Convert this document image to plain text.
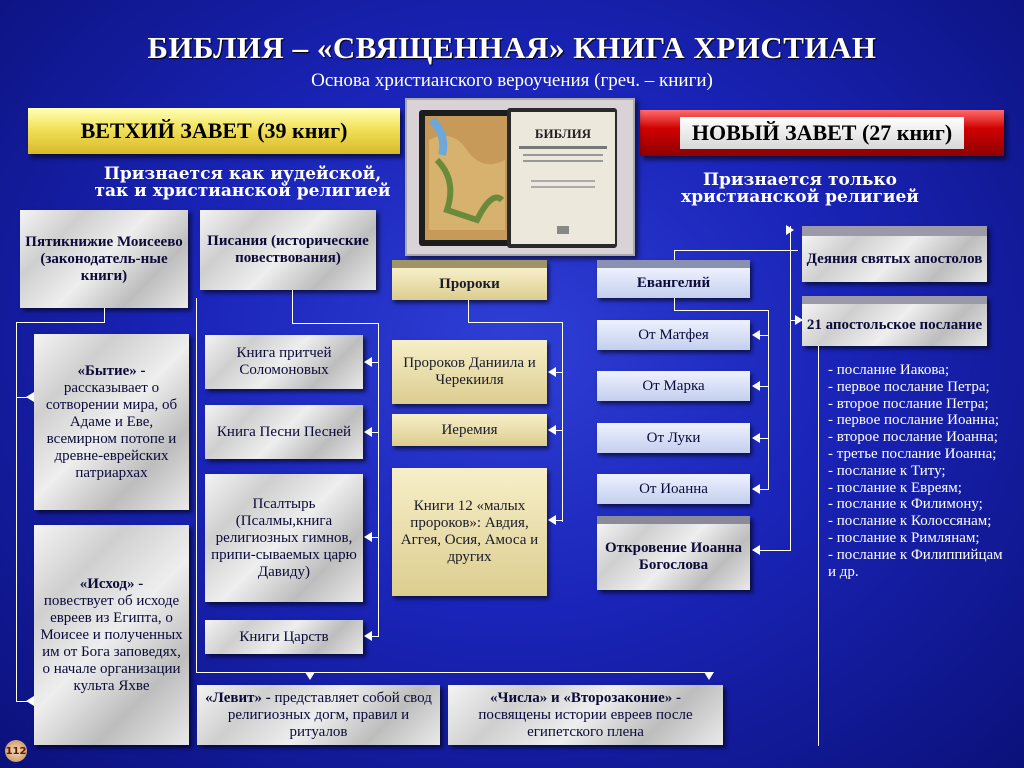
БИБЛИЯ – «СВЯЩЕННАЯ» КНИГА ХРИСТИАН
Основа христианского вероучения (греч. – книги)
ВЕТХИЙ ЗАВЕТ (39 книг)	НОВЫЙ ЗАВЕТ (27 книг)
Признается как иудейской,
так и христианской религией
Признается только
христианской религией
БИБЛИЯ
Пятикнижие Моисеево (законодатель-ные книги)
«Бытие» -
рассказывает о сотворении мира, об Адаме и Еве, всемирном потопе и древне-еврейских патриархах
«Исход» -
повествует об исходе евреев из Египта, о Моисее и полученных им от Бога заповедях, о начале организации культа Яхве
«Левит» - представляет собой свод религиозных догм, правил и ритуалов
«Числа» и «Второзаконие» - посвящены истории евреев после египетского плена
Писания (исторические повествования)
Книга притчей Соломоновых
Книга Песни Песней
Псалтырь (Псалмы,книга религиозных гимнов, припи-сываемых царю Давиду)
Книги Царств
Пророки
Пророков Даниила и Черекииля
Иеремия
Книги 12 «малых пророков»: Авдия, Аггея, Осия, Амоса и других
Евангелий
От Матфея
От Марка
От Луки
От Иоанна
Откровение Иоанна Богослова
Деяния святых апостолов
21 апостольское послание
- послание Иакова;
- первое послание Петра;
- второе послание Петра;
- первое послание Иоанна;
- второе послание Иоанна;
- третье послание Иоанна;
- послание к Титу;
- послание к Евреям;
- послание к Филимону;
- послание к Колоссянам;
- послание к Римлянам;
- послание к Филиппийцам
и др.
112
